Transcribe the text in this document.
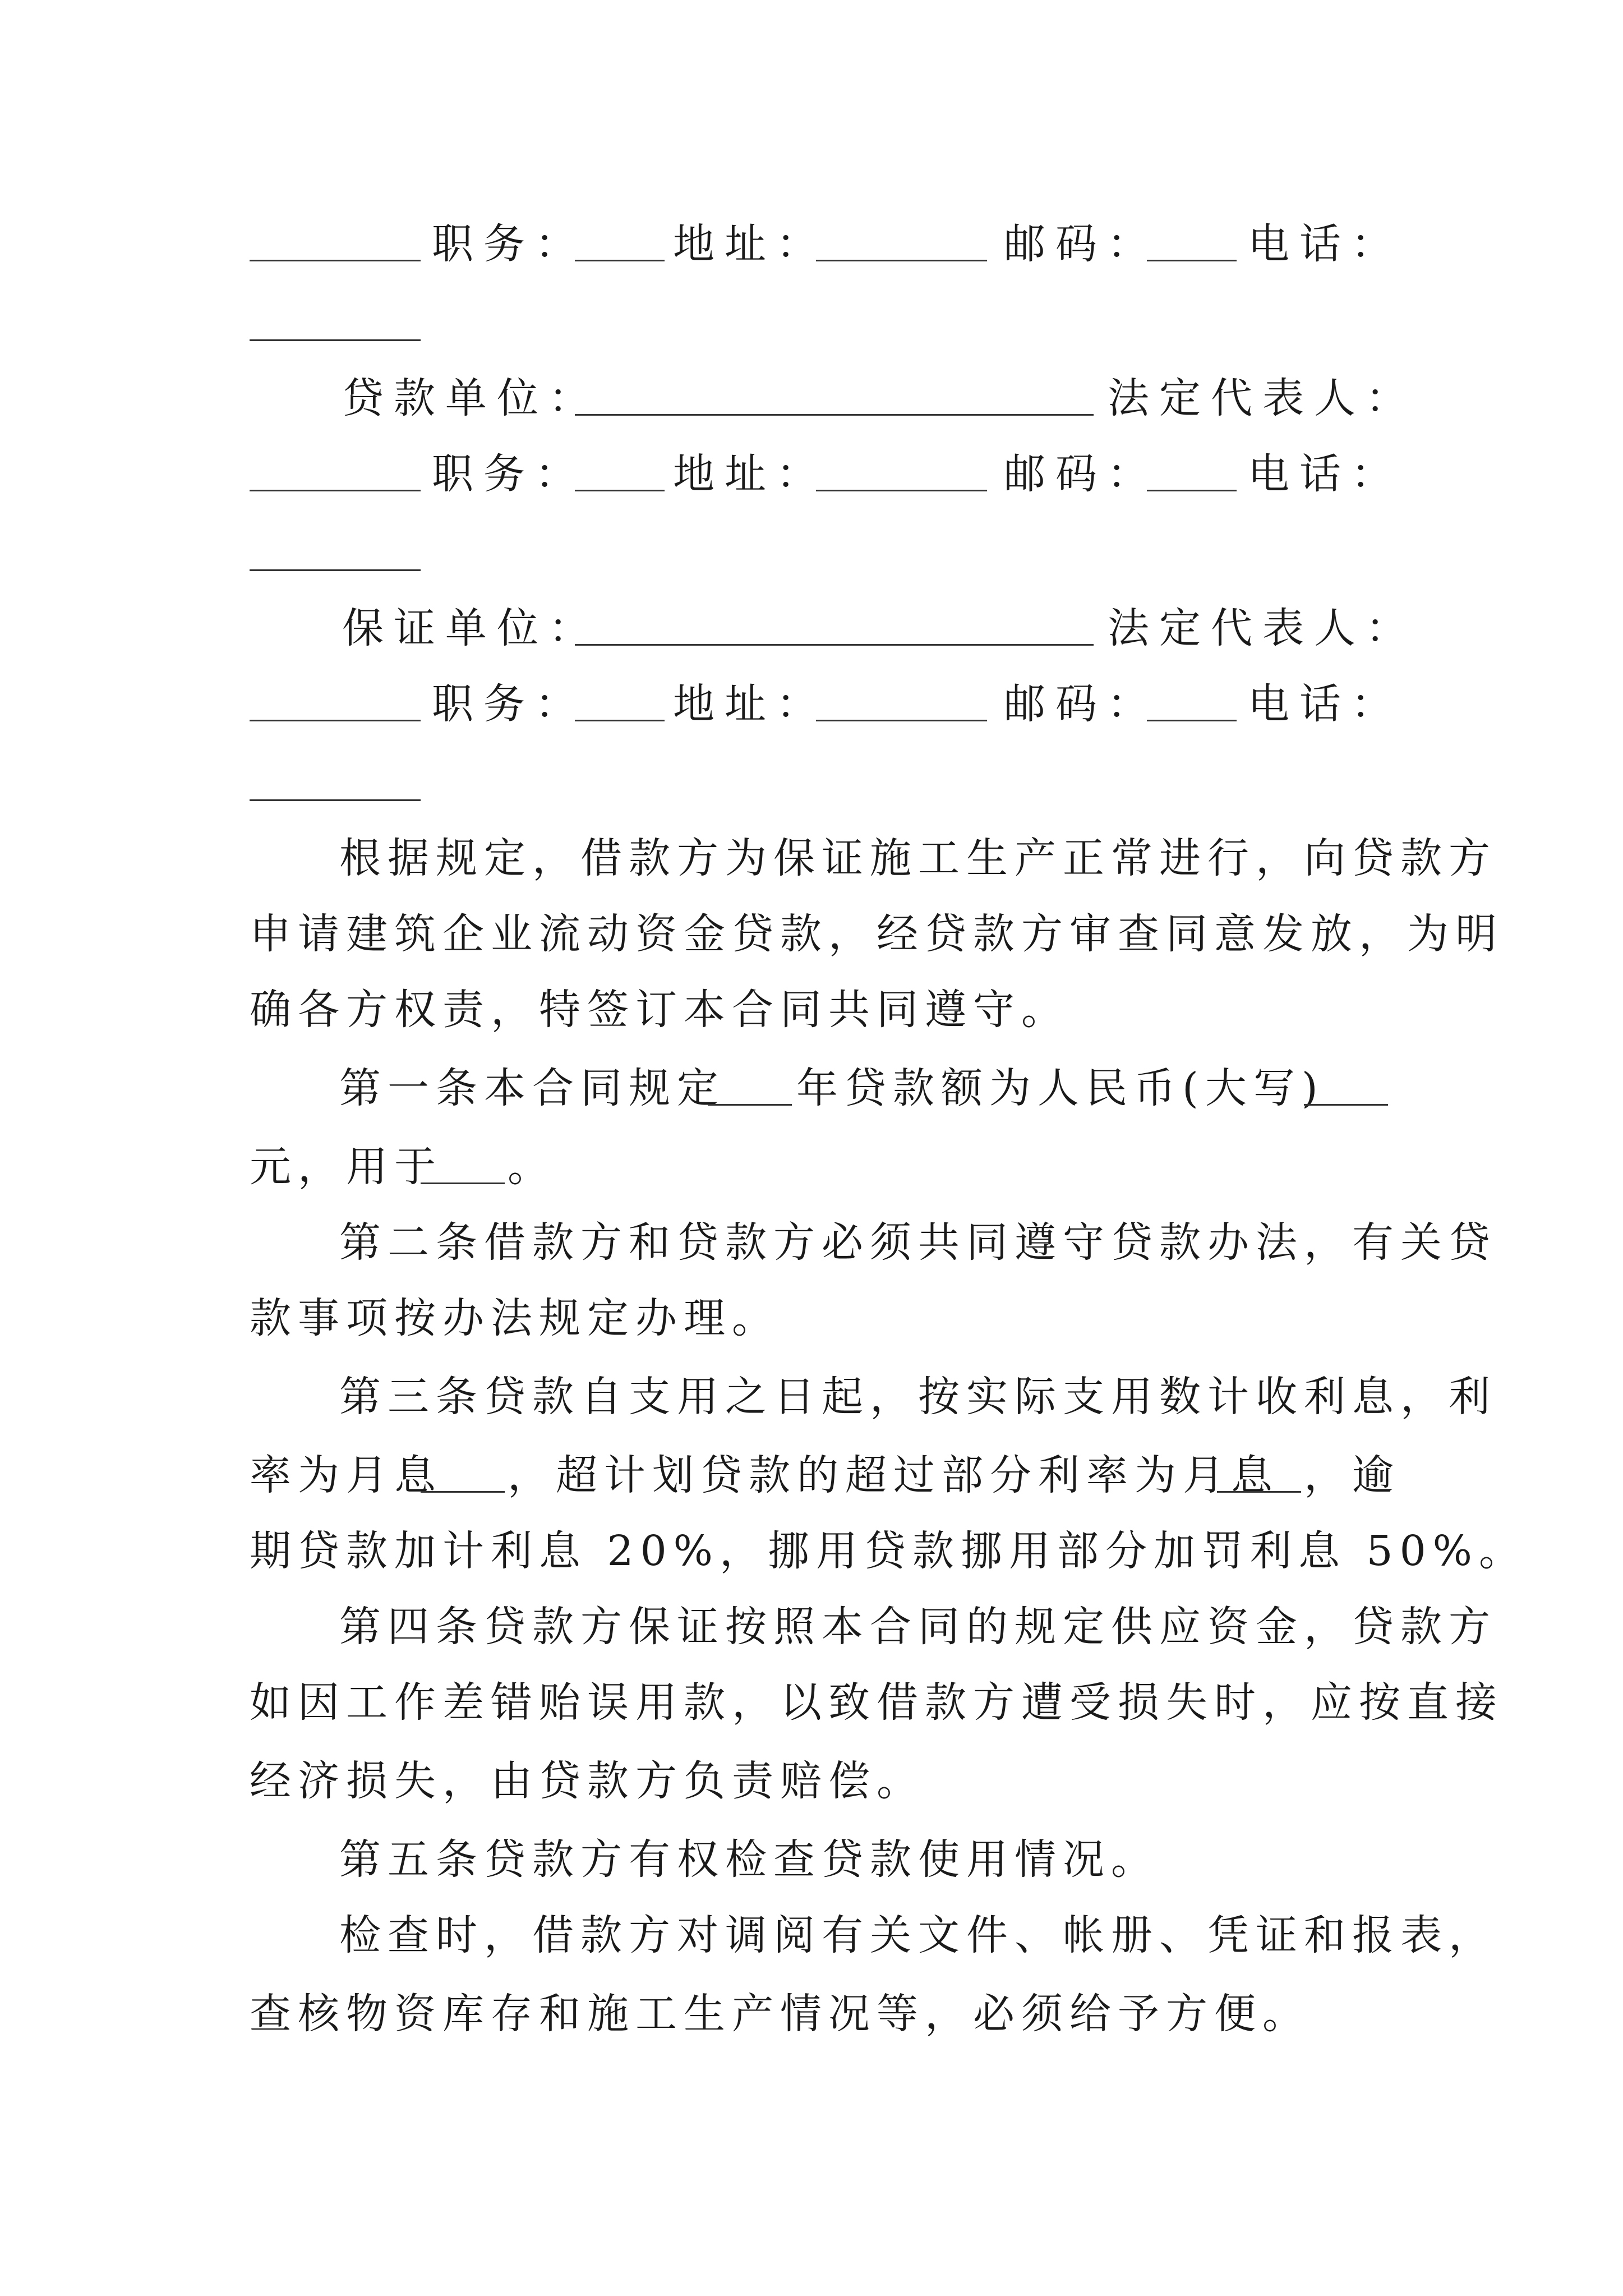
职务： 地址：	邮码： 电话：
贷款单位：	法定代表人：
职务： 地址：	邮码： 电话：
保证单位：	法定代表人：
职务： 地址：	邮码： 电话：
根据规定，借款方为保证施工生产正常进行，向贷款方
申请建筑企业流动资金贷款，经贷款方审查同意发放，为明
确各方权责，特签订本合同共同遵守。
第一条本合同规定 年贷款额为人民币(大写)
元，用于 。
第二条借款方和贷款方必须共同遵守贷款办法，有关贷
款事项按办法规定办理。
第三条贷款自支用之日起，按实际支用数计收利息，利
率为月息 ，超计划贷款的超过部分利率为月息 ，逾
期贷款加计利息 20%，挪用贷款挪用部分加罚利息 50%。
第四条贷款方保证按照本合同的规定供应资金，贷款方
如因工作差错贻误用款，以致借款方遭受损失时，应按直接
经济损失，由贷款方负责赔偿。
第五条贷款方有权检查贷款使用情况。
检查时，借款方对调阅有关文件、帐册、凭证和报表，
查核物资库存和施工生产情况等，必须给予方便。
